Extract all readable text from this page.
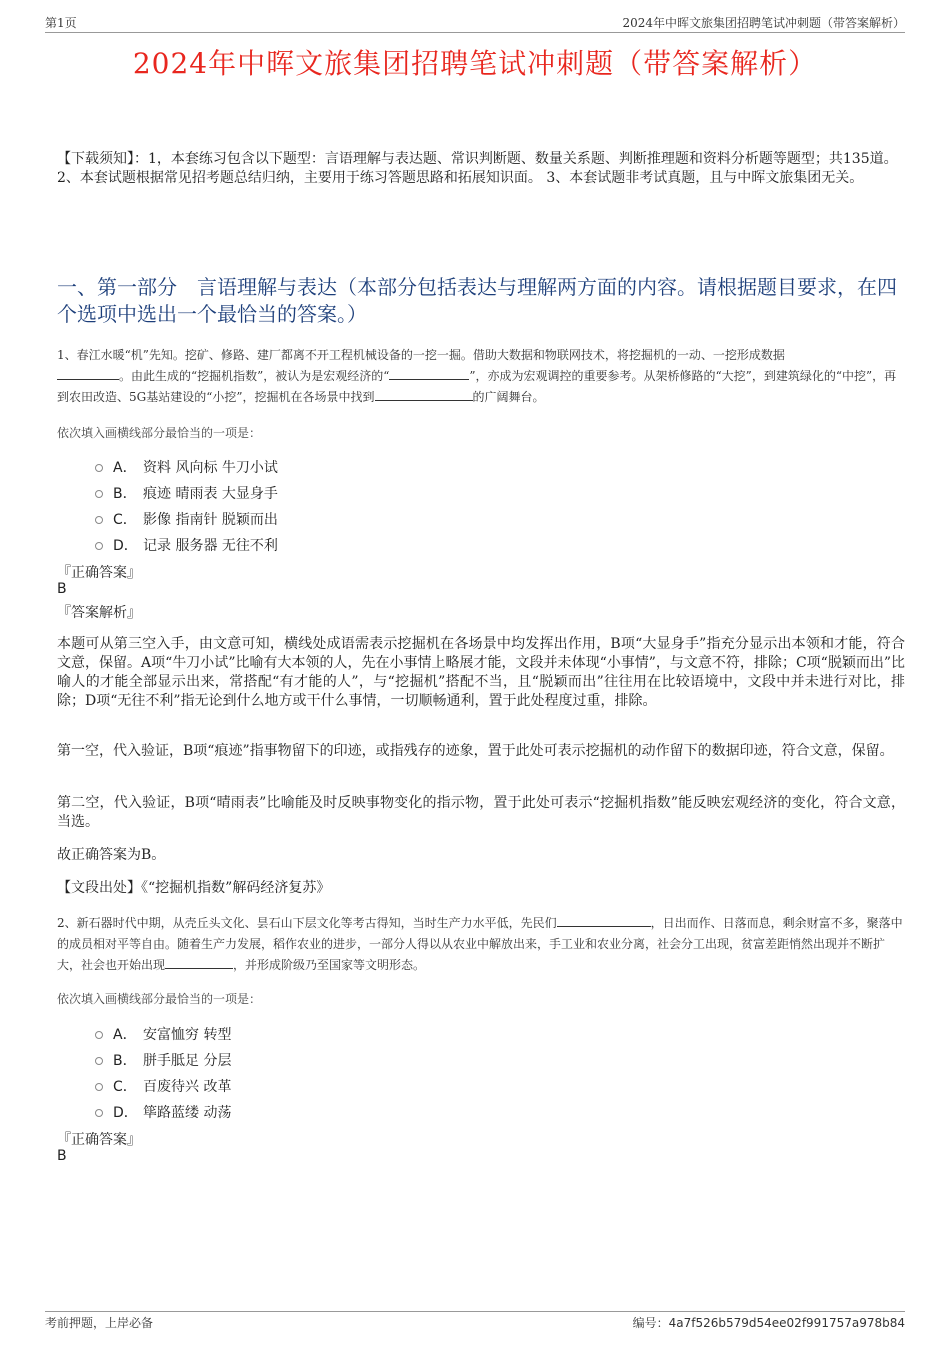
第1页	2024年中晖文旅集团招聘笔试冲刺题（带答案解析）
2024年中晖文旅集团招聘笔试冲刺题（带答案解析）
【下载须知】：1，本套练习包含以下题型：言语理解与表达题、常识判断题、数量关系题、判断推理题和资料分析题等题型；共135道。 2、本套试题根据常见招考题总结归纳，主要用于练习答题思路和拓展知识面。 3、本套试题非考试真题，且与中晖文旅集团无关。
一、第一部分　言语理解与表达（本部分包括表达与理解两方面的内容。请根据题目要求，在四个选项中选出一个最恰当的答案。）
1、春江水暖“机”先知。挖矿、修路、建厂都离不开工程机械设备的一挖一掘。借助大数据和物联网技术，将挖掘机的一动、一挖形成数据
。由此生成的“挖掘机指数”，被认为是宏观经济的“	”，亦成为宏观调控的重要参考。从架桥修路的“大挖”，到建筑绿化的“中挖”，再到农田改造、5G基站建设的“小挖”，挖掘机在各场景中找到	的广阔舞台。
依次填入画横线部分最恰当的一项是：
A． 资料 风向标 牛刀小试
B． 痕迹 晴雨表 大显身手
C． 影像 指南针 脱颖而出
D． 记录 服务器 无往不利
『正确答案』
B
『答案解析』
本题可从第三空入手，由文意可知，横线处成语需表示挖掘机在各场景中均发挥出作用，B项“大显身手”指充分显示出本领和才能，符合文意，保留。A项“牛刀小试”比喻有大本领的人，先在小事情上略展才能，文段并未体现“小事情”，与文意不符，排除；C项“脱颖而出”比喻人的才能全部显示出来，常搭配“有才能的人”，与“挖掘机”搭配不当，且“脱颖而出”往往用在比较语境中，文段中并未进行对比，排除；D项“无往不利”指无论到什么地方或干什么事情，一切顺畅通利，置于此处程度过重，排除。
第一空，代入验证，B项“痕迹”指事物留下的印迹，或指残存的迹象，置于此处可表示挖掘机的动作留下的数据印迹，符合文意，保留。
第二空，代入验证，B项“晴雨表”比喻能及时反映事物变化的指示物，置于此处可表示“挖掘机指数”能反映宏观经济的变化，符合文意，当选。
故正确答案为B。
【文段出处】《“挖掘机指数”解码经济复苏》
2、新石器时代中期，从壳丘头文化、昙石山下层文化等考古得知，当时生产力水平低，先民们	，日出而作、日落而息，剩余财富不多，聚落中的成员相对平等自由。随着生产力发展，稻作农业的进步，一部分人得以从农业中解放出来，手工业和农业分离，社会分工出现，贫富差距悄然出现并不断扩大，社会也开始出现	，并形成阶级乃至国家等文明形态。
依次填入画横线部分最恰当的一项是：
A． 安富恤穷 转型
B． 胼手胝足 分层
C． 百废待兴 改革
D． 筚路蓝缕 动荡
『正确答案』
B
考前押题，上岸必备	编号：4a7f526b579d54ee02f991757a978b84
